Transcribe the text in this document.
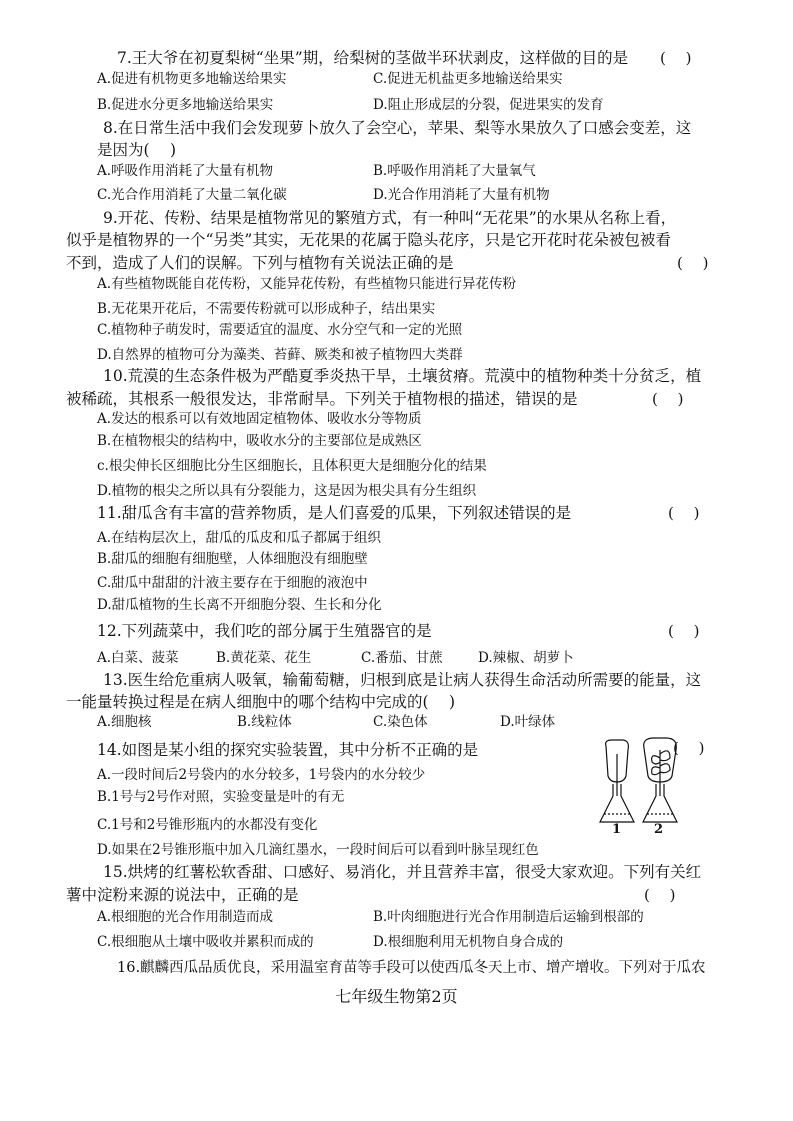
7.王大爷在初夏梨树“坐果”期，给梨树的茎做半环状剥皮，这样做的目的是 (　 )
A.促进有机物更多地输送给果实	C.促进无机盐更多地输送给果实
B.促进水分更多地输送给果实	D.阻止形成层的分裂，促进果实的发育
8.在日常生活中我们会发现萝卜放久了会空心，苹果、梨等水果放久了口感会变差，这
是因为(　 )
A.呼吸作用消耗了大量有机物	B.呼吸作用消耗了大量氧气
C.光合作用消耗了大量二氧化碳	D.光合作用消耗了大量有机物
9.开花、传粉、结果是植物常见的繁殖方式，有一种叫“无花果”的水果从名称上看，
似乎是植物界的一个“另类”其实，无花果的花属于隐头花序，只是它开花时花朵被包被看
不到，造成了人们的误解。下列与植物有关说法正确的是	(　 )
A.有些植物既能自花传粉，又能异花传粉，有些植物只能进行异花传粉
B.无花果开花后，不需要传粉就可以形成种子，结出果实
C.植物种子萌发时，需要适宜的温度、水分空气和一定的光照
D.自然界的植物可分为藻类、苔藓、厥类和被子植物四大类群
10.荒漠的生态条件极为严酷夏季炎热干旱，土壤贫瘠。荒漠中的植物种类十分贫乏，植
被稀疏，其根系一般很发达，非常耐旱。下列关于植物根的描述，错误的是	(　 )
A.发达的根系可以有效地固定植物体、吸收水分等物质
B.在植物根尖的结构中，吸收水分的主要部位是成熟区
c.根尖伸长区细胞比分生区细胞长，且体积更大是细胞分化的结果
D.植物的根尖之所以具有分裂能力，这是因为根尖具有分生组织
11.甜瓜含有丰富的营养物质，是人们喜爱的瓜果，下列叙述错误的是	(　 )
A.在结构层次上，甜瓜的瓜皮和瓜子都属于组织
B.甜瓜的细胞有细胞壁，人体细胞没有细胞壁
C.甜瓜中甜甜的汁液主要存在于细胞的液泡中
D.甜瓜植物的生长离不开细胞分裂、生长和分化
12.下列蔬菜中，我们吃的部分属于生殖器官的是	(　 )
A.白菜、菠菜	B.黄花菜、花生	C.番茄、甘蔗	D.辣椒、胡萝卜
13.医生给危重病人吸氧，输葡萄糖，归根到底是让病人获得生命活动所需要的能量，这
一能量转换过程是在病人细胞中的哪个结构中完成的(　 )
A.细胞核	B.线粒体	C.染色体	D.叶绿体
14.如图是某小组的探究实验装置，其中分析不正确的是	(　 )
A.一段时间后2号袋内的水分较多，1号袋内的水分较少
B.1号与2号作对照，实验变量是叶的有无
C.1号和2号锥形瓶内的水都没有变化
D.如果在2号锥形瓶中加入几滴红墨水，一段时间后可以看到叶脉呈现红色
1	2
15.烘烤的红薯松软香甜、口感好、易消化，并且营养丰富，很受大家欢迎。下列有关红
薯中淀粉来源的说法中，正确的是	(　 )
A.根细胞的光合作用制造而成	B.叶肉细胞进行光合作用制造后运输到根部的
C.根细胞从土壤中吸收并累积而成的	D.根细胞利用无机物自身合成的
16.麒麟西瓜品质优良，采用温室育苗等手段可以使西瓜冬天上市、增产增收。下列对于瓜农
七年级生物第2页
